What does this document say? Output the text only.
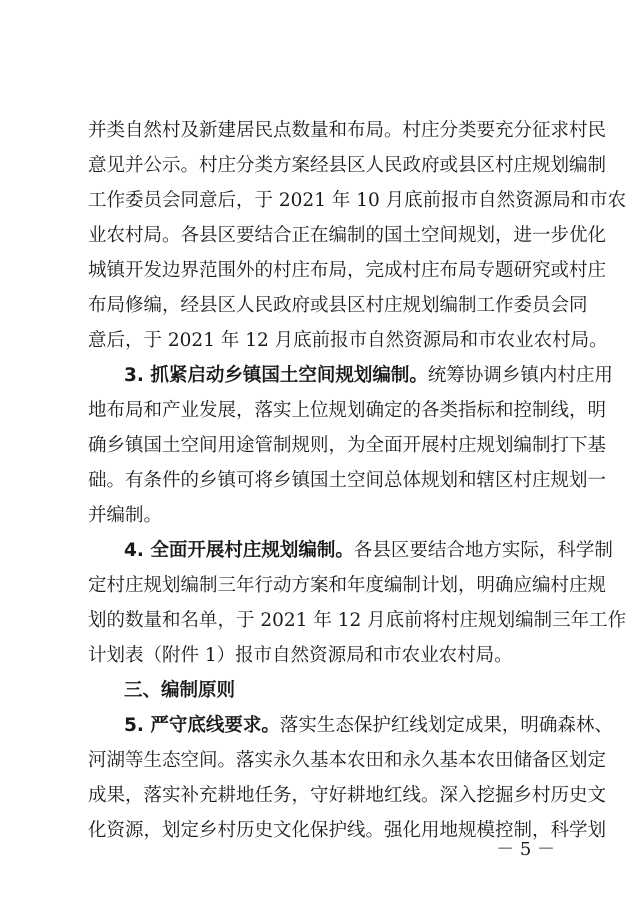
并类自然村及新建居民点数量和布局。村庄分类要充分征求村民
意见并公示。村庄分类方案经县区人民政府或县区村庄规划编制
工作委员会同意后，于 2021 年 10 月底前报市自然资源局和市农
业农村局。各县区要结合正在编制的国土空间规划，进一步优化
城镇开发边界范围外的村庄布局，完成村庄布局专题研究或村庄
布局修编，经县区人民政府或县区村庄规划编制工作委员会同
意后，于 2021 年 12 月底前报市自然资源局和市农业农村局。
3. 抓紧启动乡镇国土空间规划编制。统筹协调乡镇内村庄用
地布局和产业发展，落实上位规划确定的各类指标和控制线，明
确乡镇国土空间用途管制规则，为全面开展村庄规划编制打下基
础。有条件的乡镇可将乡镇国土空间总体规划和辖区村庄规划一
并编制。
4. 全面开展村庄规划编制。各县区要结合地方实际，科学制
定村庄规划编制三年行动方案和年度编制计划，明确应编村庄规
划的数量和名单，于 2021 年 12 月底前将村庄规划编制三年工作
计划表（附件 1）报市自然资源局和市农业农村局。
三、编制原则
5. 严守底线要求。落实生态保护红线划定成果，明确森林、
河湖等生态空间。落实永久基本农田和永久基本农田储备区划定
成果，落实补充耕地任务，守好耕地红线。深入挖掘乡村历史文
化资源，划定乡村历史文化保护线。强化用地规模控制，科学划
－ 5 －
